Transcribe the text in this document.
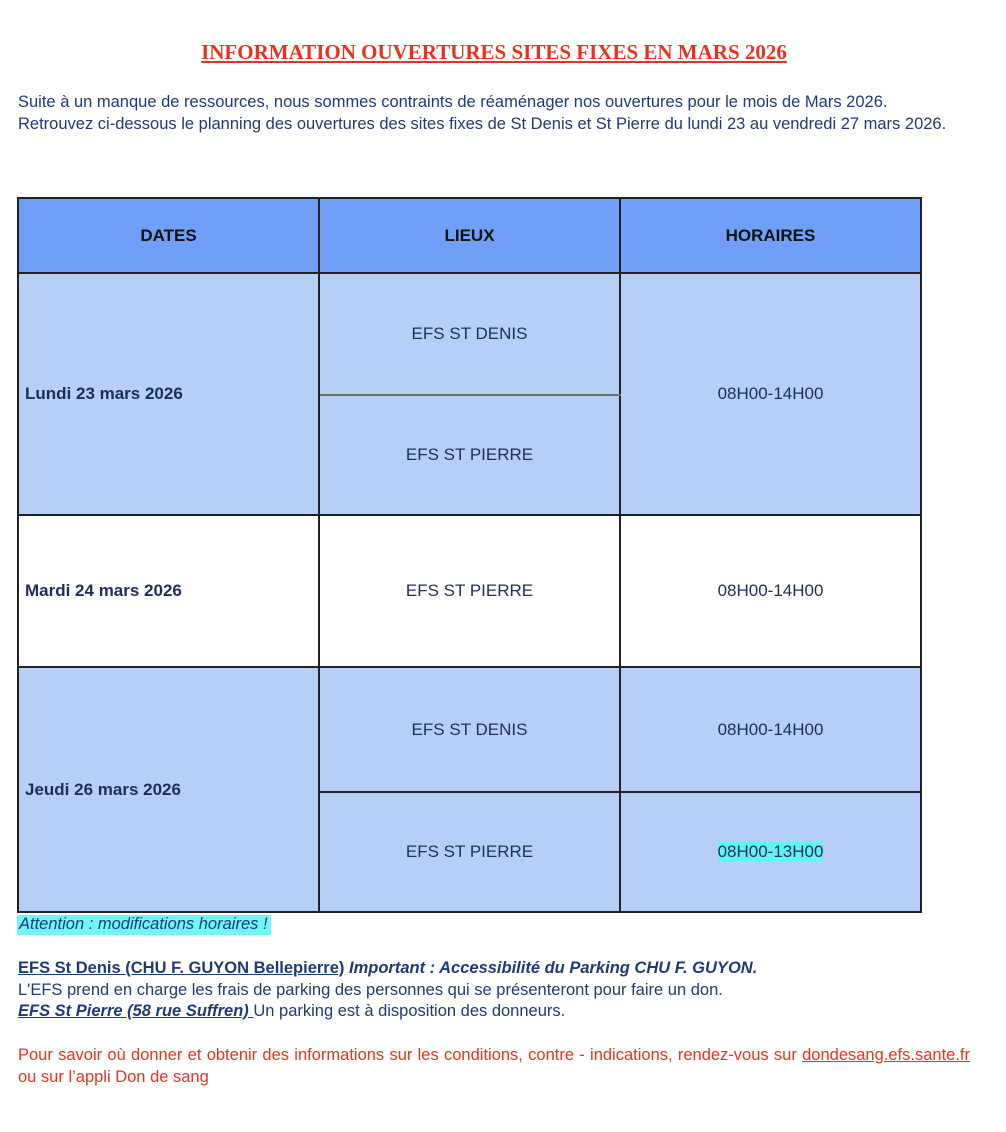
INFORMATION OUVERTURES SITES FIXES EN MARS 2026

Suite à un manque de ressources, nous sommes contraints de réaménager nos ouvertures pour le mois de Mars 2026.

Retrouvez ci-dessous le planning des ouvertures des sites fixes de St Denis et St Pierre du lundi 23 au vendredi 27 mars 2026.

DATES	LIEUX	HORAIRES
Lundi 23 mars 2026	EFS ST DENIS	08H00-14H00
	EFS ST PIERRE	
Mardi 24 mars 2026	EFS ST PIERRE	08H00-14H00
Jeudi 26 mars 2026	EFS ST DENIS	08H00-14H00
	EFS ST PIERRE	08H00-13H00
Attention : modifications horaires !

EFS St Denis (CHU F. GUYON Bellepierre) Important : Accessibilité du Parking CHU F. GUYON.

L'EFS prend en charge les frais de parking des personnes qui se présenteront pour faire un don.

EFS St Pierre (58 rue Suffren) Un parking est à disposition des donneurs.

Pour savoir où donner et obtenir des informations sur les conditions, contre - indications, rendez-vous sur dondesang.efs.sante.fr ou sur l’appli Don de sang
